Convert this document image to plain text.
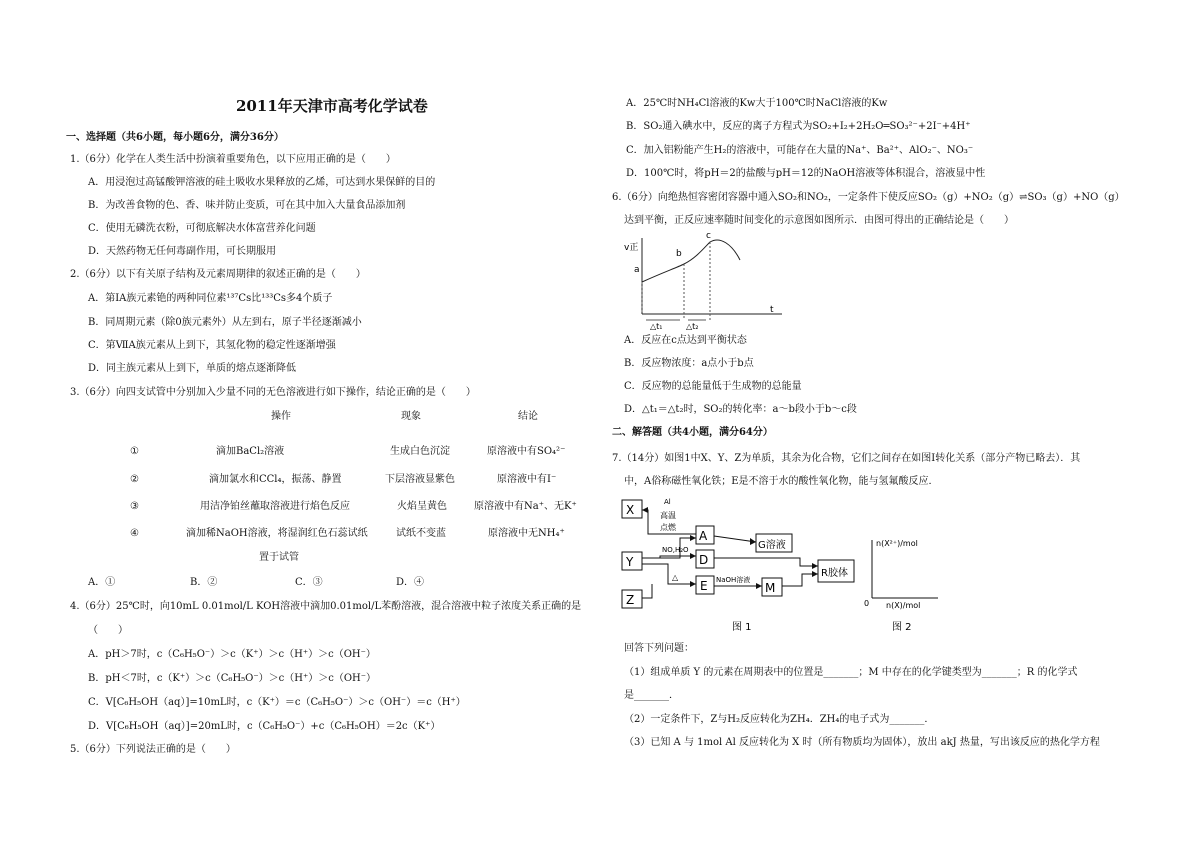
2011年天津市高考化学试卷
一、选择题（共6小题，每小题6分，满分36分）
1.（6分）化学在人类生活中扮演着重要角色，以下应用正确的是（　　）
A．用浸泡过高锰酸钾溶液的硅土吸收水果释放的乙烯，可达到水果保鲜的目的
B．为改善食物的色、香、味并防止变质，可在其中加入大量食品添加剂
C．使用无磷洗衣粉，可彻底解决水体富营养化问题
D．天然药物无任何毒副作用，可长期服用
2.（6分）以下有关原子结构及元素周期律的叙述正确的是（　　）
A．第IA族元素铯的两种同位素¹³⁷Cs比¹³³Cs多4个质子
B．同周期元素（除0族元素外）从左到右，原子半径逐渐减小
C．第ⅦA族元素从上到下，其氢化物的稳定性逐渐增强
D．同主族元素从上到下，单质的熔点逐渐降低
3.（6分）向四支试管中分别加入少量不同的无色溶液进行如下操作，结论正确的是（　　）
操作	现象	结论
①	滴加BaCl₂溶液	生成白色沉淀	原溶液中有SO₄²⁻
②	滴加氯水和CCl₄，振荡、静置	下层溶液显紫色	原溶液中有I⁻
③	用洁净铂丝蘸取溶液进行焰色反应	火焰呈黄色	原溶液中有Na⁺、无K⁺
④	滴加稀NaOH溶液，将湿润红色石蕊试纸	试纸不变蓝	原溶液中无NH₄⁺
置于试管
A．①	B．②	C．③	D．④
4.（6分）25℃时，向10mL 0.01mol/L KOH溶液中滴加0.01mol/L苯酚溶液，混合溶液中粒子浓度关系正确的是
（　　）
A．pH＞7时，c（C₆H₅O⁻）＞c（K⁺）＞c（H⁺）＞c（OH⁻）
B．pH＜7时，c（K⁺）＞c（C₆H₅O⁻）＞c（H⁺）＞c（OH⁻）
C．V[C₆H₅OH（aq）]=10mL时，c（K⁺）＝c（C₆H₅O⁻）＞c（OH⁻）＝c（H⁺）
D．V[C₆H₅OH（aq）]=20mL时，c（C₆H₅O⁻）+c（C₆H₅OH）＝2c（K⁺）
5.（6分）下列说法正确的是（　　）
A．25℃时NH₄Cl溶液的Kw大于100℃时NaCl溶液的Kw
B．SO₂通入碘水中，反应的离子方程式为SO₂+I₂+2H₂O═SO₃²⁻+2I⁻+4H⁺
C．加入铝粉能产生H₂的溶液中，可能存在大量的Na⁺、Ba²⁺、AlO₂⁻、NO₃⁻
D．100℃时，将pH＝2的盐酸与pH＝12的NaOH溶液等体积混合，溶液显中性
6.（6分）向绝热恒容密闭容器中通入SO₂和NO₂，一定条件下使反应SO₂（g）+NO₂（g）⇌SO₃（g）+NO（g）
达到平衡，正反应速率随时间变化的示意图如图所示．由图可得出的正确结论是（　　）
v正
a
b
c
t
△t₁	△t₂
A．反应在c点达到平衡状态
B．反应物浓度：a点小于b点
C．反应物的总能量低于生成物的总能量
D．△t₁＝△t₂时，SO₂的转化率：a～b段小于b～c段
二、解答题（共4小题，满分64分）
7.（14分）如图1中X、Y、Z为单质，其余为化合物，它们之间存在如图Ⅰ转化关系（部分产物已略去）．其
中，A俗称磁性氧化铁；E是不溶于水的酸性氧化物，能与氢氟酸反应．
X
Y
Z
A
D
E
G溶液
M
R胶体
Al
高温
点燃
NO,H₂O
△	NaOH溶液
图 1
n(X²⁺)/mol
0 n(X)/mol
图 2
回答下列问题：
（1）组成单质 Y 的元素在周期表中的位置是_______；M 中存在的化学键类型为_______；R 的化学式
是_______．
（2）一定条件下，Z与H₂反应转化为ZH₄．ZH₄的电子式为_______．
（3）已知 A 与 1mol Al 反应转化为 X 时（所有物质均为固体），放出 akJ 热量，写出该反应的热化学方程
